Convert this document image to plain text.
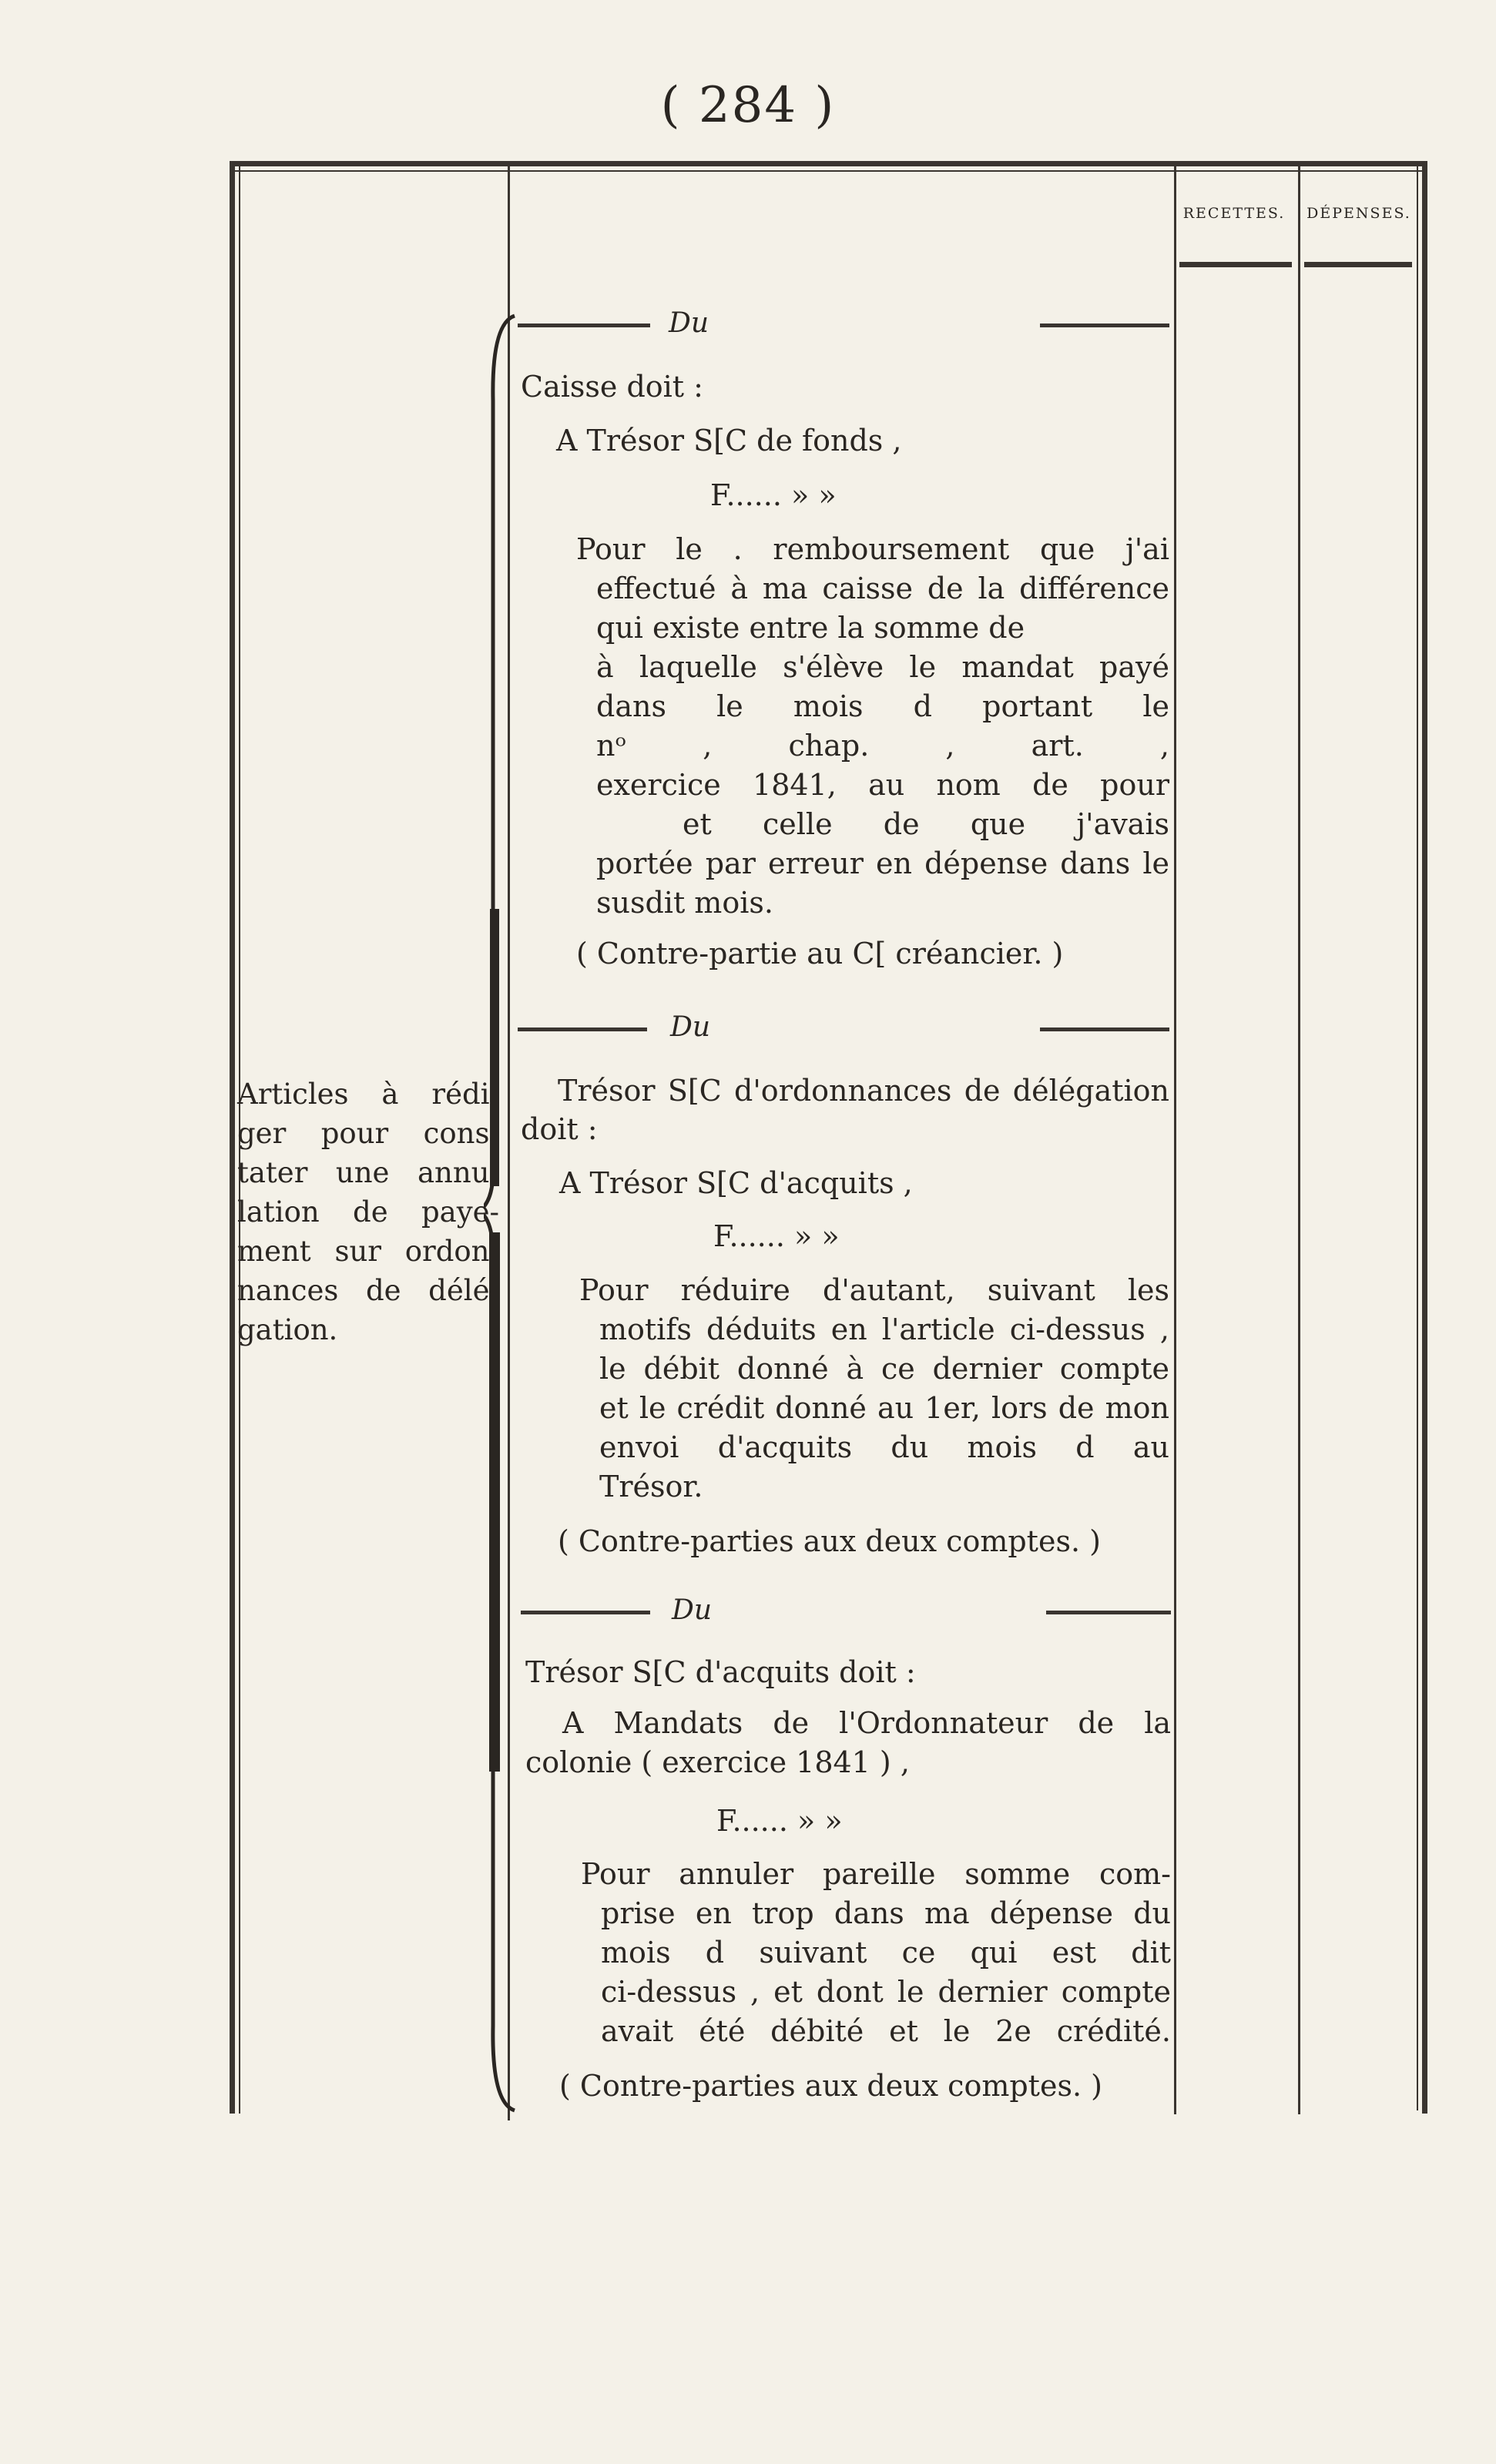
( 284 )
RECETTES.	DÉPENSES.
Articles à rédi-
ger pour cons-
tater une annu-
lation de paye-
ment sur ordon-
nances de délé-
gation.
Du
Caisse doit :
A Trésor S[C de fonds ,
F...... » »
Pour le . remboursement que j'ai
effectué à ma caisse de la différence
qui existe entre la somme de
à laquelle s'élève le mandat payé
dans le mois d portant le
nᵒ , chap. , art. ,
exercice 1841, au nom de pour
et celle de que j'avais
portée par erreur en dépense dans le
susdit mois.
( Contre-partie au C[ créancier. )
Du
Trésor S[C d'ordonnances de délégation
doit :
A Trésor S[C d'acquits ,
F...... » »
Pour réduire d'autant, suivant les
motifs déduits en l'article ci-dessus ,
le débit donné à ce dernier compte
et le crédit donné au 1er, lors de mon
envoi d'acquits du mois d au
Trésor.
( Contre-parties aux deux comptes. )
Du
Trésor S[C d'acquits doit :
A Mandats de l'Ordonnateur de la
colonie ( exercice 1841 ) ,
F...... » »
Pour annuler pareille somme com-
prise en trop dans ma dépense du
mois d suivant ce qui est dit
ci-dessus , et dont le dernier compte
avait été débité et le 2e crédité.
( Contre-parties aux deux comptes. )
